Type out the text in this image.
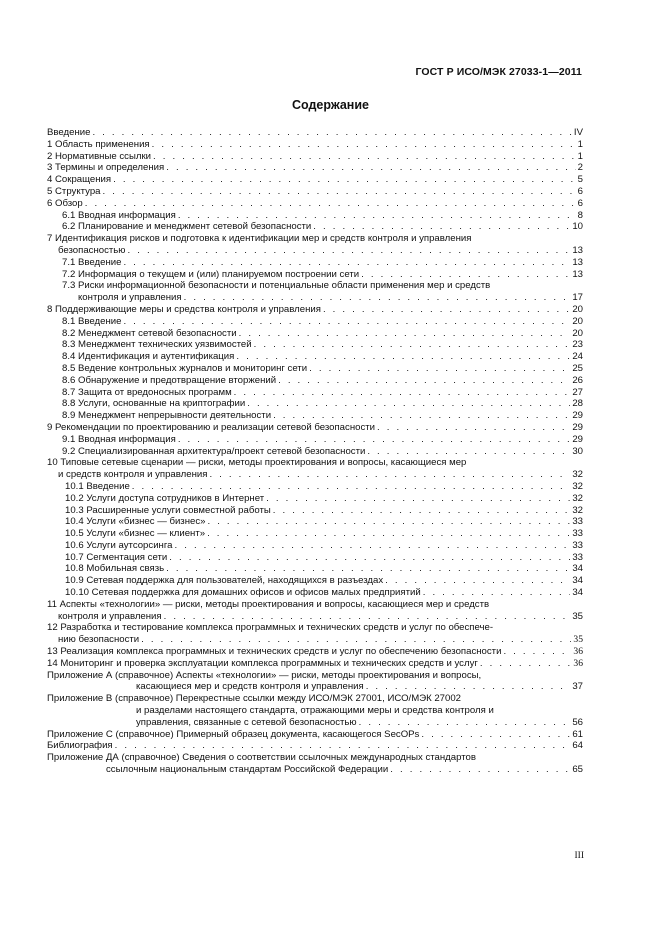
ГОСТ Р ИСО/МЭК 27033-1—2011
Содержание
Введение . . .	IV
1 Область применения . . .	1
2 Нормативные ссылки . . .	1
3 Термины и определения . . .	2
4 Сокращения . . .	5
5 Структура . . .	6
6 Обзор . . .	6
6.1 Вводная информация . . .	8
6.2 Планирование и менеджмент сетевой безопасности . . .	10
7 Идентификация рисков и подготовка к идентификации мер и средств контроля и управления
безопасностью . . .	13
7.1 Введение . . .	13
7.2 Информация о текущем и (или) планируемом построении сети . . .	13
7.3 Риски информационной безопасности и потенциальные области применения мер и средств
контроля и управления . . .	17
8 Поддерживающие меры и средства контроля и управления . . .	20
8.1 Введение . . .	20
8.2 Менеджмент сетевой безопасности . . .	20
8.3 Менеджмент технических уязвимостей . . .	23
8.4 Идентификация и аутентификация . . .	24
8.5 Ведение контрольных журналов и мониторинг сети . . .	25
8.6 Обнаружение и предотвращение вторжений . . .	26
8.7 Защита от вредоносных программ . . .	27
8.8 Услуги, основанные на криптографии . . .	28
8.9 Менеджмент непрерывности деятельности . . .	29
9 Рекомендации по проектированию и реализации сетевой безопасности . . .	29
9.1 Вводная информация . . .	29
9.2 Специализированная архитектура/проект сетевой безопасности . . .	30
10 Типовые сетевые сценарии — риски, методы проектирования и вопросы, касающиеся мер
и средств контроля и управления . . .	32
10.1 Введение . . .	32
10.2 Услуги доступа сотрудников в Интернет . . .	32
10.3 Расширенные услуги совместной работы . . .	32
10.4 Услуги «бизнес — бизнес» . . .	33
10.5 Услуги «бизнес — клиент» . . .	33
10.6 Услуги аутсорсинга . . .	33
10.7 Сегментация сети . . .	33
10.8 Мобильная связь . . .	34
10.9 Сетевая поддержка для пользователей, находящихся в разъездах . . .	34
10.10 Сетевая поддержка для домашних офисов и офисов малых предприятий . . .	34
11 Аспекты «технологии» — риски, методы проектирования и вопросы, касающиеся мер и средств
контроля и управления . . .	35
12 Разработка и тестирование комплекса программных и технических средств и услуг по обеспече-
нию безопасности . . .	35
13 Реализация комплекса программных и технических средств и услуг по обеспечению безопасности . . .	36
14 Мониторинг и проверка эксплуатации комплекса программных и технических средств и услуг . . .	36
Приложение А (справочное) Аспекты «технологии» — риски, методы проектирования и вопросы,
касающиеся мер и средств контроля и управления . . .	37
Приложение В (справочное) Перекрестные ссылки между ИСО/МЭК 27001, ИСО/МЭК 27002
и разделами настоящего стандарта, отражающими меры и средства контроля и
управления, связанные с сетевой безопасностью . . .	56
Приложение С (справочное) Примерный образец документа, касающегося SecOPs . . .	61
Библиография . . .	64
Приложение ДА (справочное) Сведения о соответствии ссылочных международных стандартов
ссылочным национальным стандартам Российской Федерации . . .	65
III
